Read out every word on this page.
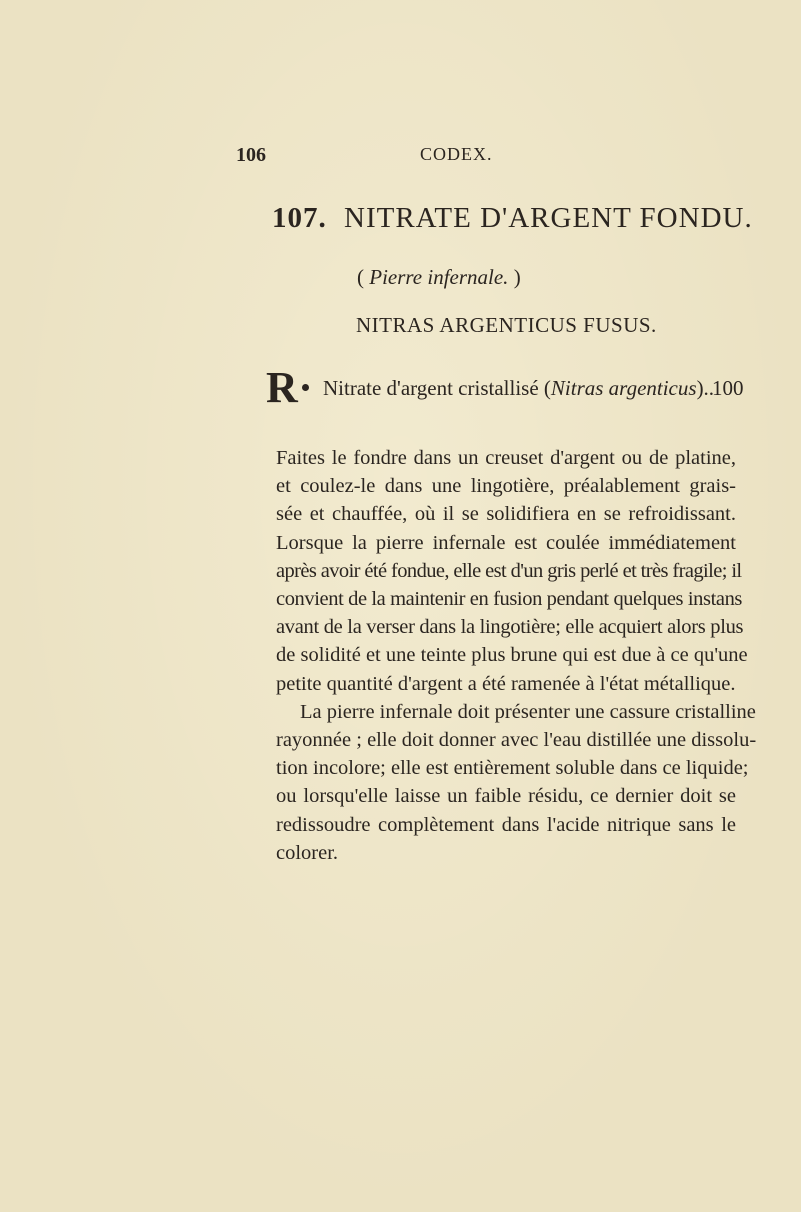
106	CODEX.
107. NITRATE D'ARGENT FONDU.
( Pierre infernale. )
NITRAS ARGENTICUS FUSUS.
R Nitrate d'argent cristallisé (Nitras argenticus)..
100

Faites le fondre dans un creuset d'argent ou de platine,
et coulez-le dans une lingotière, préalablement grais-
sée et chauffée, où il se solidifiera en se refroidissant.
Lorsque la pierre infernale est coulée immédiatement
après avoir été fondue, elle est d'un gris perlé et très fragile; il
convient de la maintenir en fusion pendant quelques instans
avant de la verser dans la lingotière; elle acquiert alors plus
de solidité et une teinte plus brune qui est due à ce qu'une
petite quantité d'argent a été ramenée à l'état métallique.

La pierre infernale doit présenter une cassure cristalline
rayonnée ; elle doit donner avec l'eau distillée une dissolu-
tion incolore; elle est entièrement soluble dans ce liquide;
ou lorsqu'elle laisse un faible résidu, ce dernier doit se
redissoudre complètement dans l'acide nitrique sans le
colorer.
